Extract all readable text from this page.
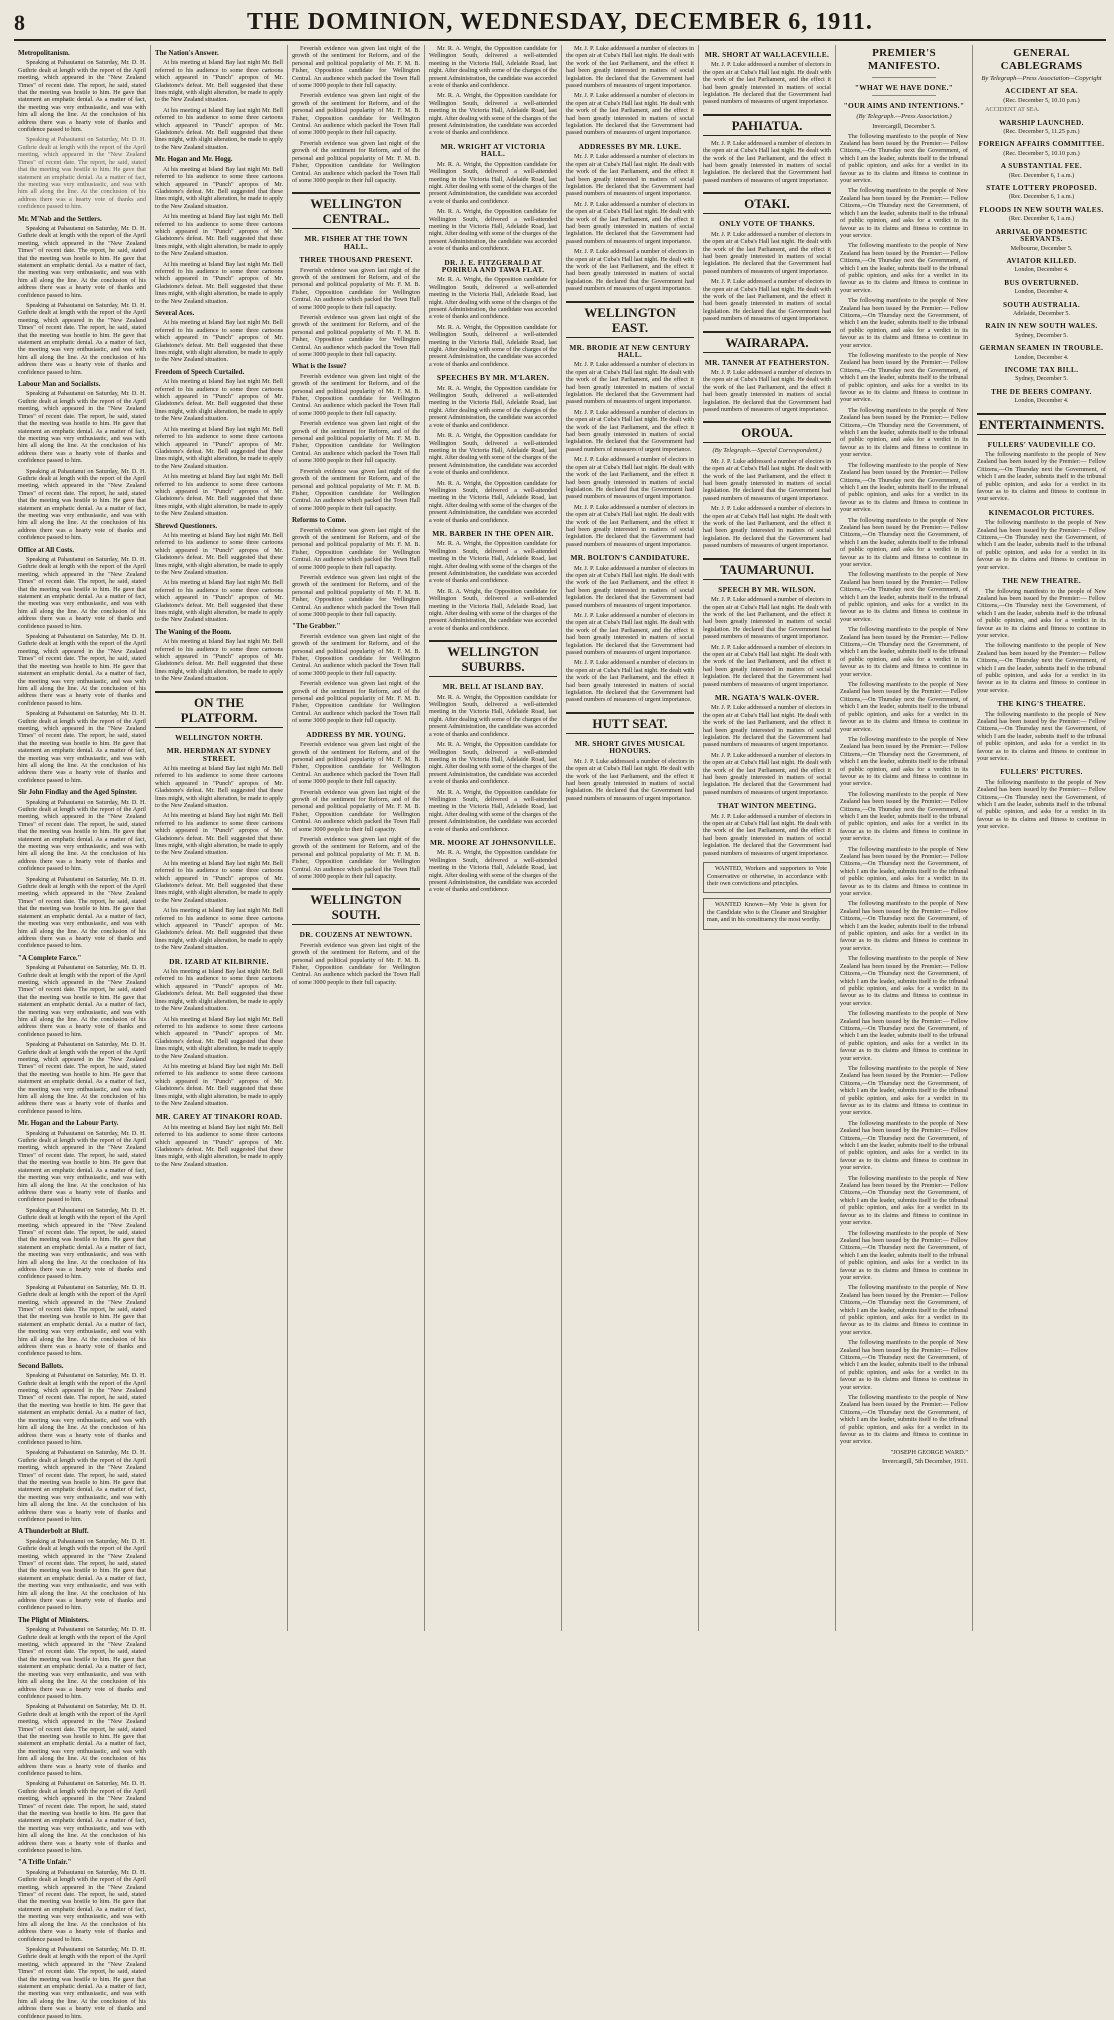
8	THE DOMINION, WEDNESDAY, DECEMBER 6, 1911.
Metropolitanism.

Speaking at Pahautanui on Saturday, Mr. D. H. Guthrie dealt at length with the report of the April meeting, which appeared in the "New Zealand Times" of recent date. The report, he said, stated that the meeting was hostile to him. He gave that statement an emphatic denial. As a matter of fact, the meeting was very enthusiastic, and was with him all along the line. At the conclusion of his address there was a hearty vote of thanks and confidence passed to him.

Speaking at Pahautanui on Saturday, Mr. D. H. Guthrie dealt at length with the report of the April meeting, which appeared in the "New Zealand Times" of recent date. The report, he said, stated that the meeting was hostile to him. He gave that statement an emphatic denial. As a matter of fact, the meeting was very enthusiastic, and was with him all along the line. At the conclusion of his address there was a hearty vote of thanks and confidence passed to him.

Mr. M'Nab and the Settlers.

Speaking at Pahautanui on Saturday, Mr. D. H. Guthrie dealt at length with the report of the April meeting, which appeared in the "New Zealand Times" of recent date. The report, he said, stated that the meeting was hostile to him. He gave that statement an emphatic denial. As a matter of fact, the meeting was very enthusiastic, and was with him all along the line. At the conclusion of his address there was a hearty vote of thanks and confidence passed to him.

Speaking at Pahautanui on Saturday, Mr. D. H. Guthrie dealt at length with the report of the April meeting, which appeared in the "New Zealand Times" of recent date. The report, he said, stated that the meeting was hostile to him. He gave that statement an emphatic denial. As a matter of fact, the meeting was very enthusiastic, and was with him all along the line. At the conclusion of his address there was a hearty vote of thanks and confidence passed to him.

Labour Man and Socialists.

Speaking at Pahautanui on Saturday, Mr. D. H. Guthrie dealt at length with the report of the April meeting, which appeared in the "New Zealand Times" of recent date. The report, he said, stated that the meeting was hostile to him. He gave that statement an emphatic denial. As a matter of fact, the meeting was very enthusiastic, and was with him all along the line. At the conclusion of his address there was a hearty vote of thanks and confidence passed to him.

Speaking at Pahautanui on Saturday, Mr. D. H. Guthrie dealt at length with the report of the April meeting, which appeared in the "New Zealand Times" of recent date. The report, he said, stated that the meeting was hostile to him. He gave that statement an emphatic denial. As a matter of fact, the meeting was very enthusiastic, and was with him all along the line. At the conclusion of his address there was a hearty vote of thanks and confidence passed to him.

Office at All Costs.

Speaking at Pahautanui on Saturday, Mr. D. H. Guthrie dealt at length with the report of the April meeting, which appeared in the "New Zealand Times" of recent date. The report, he said, stated that the meeting was hostile to him. He gave that statement an emphatic denial. As a matter of fact, the meeting was very enthusiastic, and was with him all along the line. At the conclusion of his address there was a hearty vote of thanks and confidence passed to him.

Speaking at Pahautanui on Saturday, Mr. D. H. Guthrie dealt at length with the report of the April meeting, which appeared in the "New Zealand Times" of recent date. The report, he said, stated that the meeting was hostile to him. He gave that statement an emphatic denial. As a matter of fact, the meeting was very enthusiastic, and was with him all along the line. At the conclusion of his address there was a hearty vote of thanks and confidence passed to him.

Speaking at Pahautanui on Saturday, Mr. D. H. Guthrie dealt at length with the report of the April meeting, which appeared in the "New Zealand Times" of recent date. The report, he said, stated that the meeting was hostile to him. He gave that statement an emphatic denial. As a matter of fact, the meeting was very enthusiastic, and was with him all along the line. At the conclusion of his address there was a hearty vote of thanks and confidence passed to him.

Sir John Findlay and the Aged Spinster.

Speaking at Pahautanui on Saturday, Mr. D. H. Guthrie dealt at length with the report of the April meeting, which appeared in the "New Zealand Times" of recent date. The report, he said, stated that the meeting was hostile to him. He gave that statement an emphatic denial. As a matter of fact, the meeting was very enthusiastic, and was with him all along the line. At the conclusion of his address there was a hearty vote of thanks and confidence passed to him.

Speaking at Pahautanui on Saturday, Mr. D. H. Guthrie dealt at length with the report of the April meeting, which appeared in the "New Zealand Times" of recent date. The report, he said, stated that the meeting was hostile to him. He gave that statement an emphatic denial. As a matter of fact, the meeting was very enthusiastic, and was with him all along the line. At the conclusion of his address there was a hearty vote of thanks and confidence passed to him.

"A Complete Farce."

Speaking at Pahautanui on Saturday, Mr. D. H. Guthrie dealt at length with the report of the April meeting, which appeared in the "New Zealand Times" of recent date. The report, he said, stated that the meeting was hostile to him. He gave that statement an emphatic denial. As a matter of fact, the meeting was very enthusiastic, and was with him all along the line. At the conclusion of his address there was a hearty vote of thanks and confidence passed to him.

Speaking at Pahautanui on Saturday, Mr. D. H. Guthrie dealt at length with the report of the April meeting, which appeared in the "New Zealand Times" of recent date. The report, he said, stated that the meeting was hostile to him. He gave that statement an emphatic denial. As a matter of fact, the meeting was very enthusiastic, and was with him all along the line. At the conclusion of his address there was a hearty vote of thanks and confidence passed to him.

Mr. Hogan and the Labour Party.

Speaking at Pahautanui on Saturday, Mr. D. H. Guthrie dealt at length with the report of the April meeting, which appeared in the "New Zealand Times" of recent date. The report, he said, stated that the meeting was hostile to him. He gave that statement an emphatic denial. As a matter of fact, the meeting was very enthusiastic, and was with him all along the line. At the conclusion of his address there was a hearty vote of thanks and confidence passed to him.

Speaking at Pahautanui on Saturday, Mr. D. H. Guthrie dealt at length with the report of the April meeting, which appeared in the "New Zealand Times" of recent date. The report, he said, stated that the meeting was hostile to him. He gave that statement an emphatic denial. As a matter of fact, the meeting was very enthusiastic, and was with him all along the line. At the conclusion of his address there was a hearty vote of thanks and confidence passed to him.

Speaking at Pahautanui on Saturday, Mr. D. H. Guthrie dealt at length with the report of the April meeting, which appeared in the "New Zealand Times" of recent date. The report, he said, stated that the meeting was hostile to him. He gave that statement an emphatic denial. As a matter of fact, the meeting was very enthusiastic, and was with him all along the line. At the conclusion of his address there was a hearty vote of thanks and confidence passed to him.

Second Ballots.

Speaking at Pahautanui on Saturday, Mr. D. H. Guthrie dealt at length with the report of the April meeting, which appeared in the "New Zealand Times" of recent date. The report, he said, stated that the meeting was hostile to him. He gave that statement an emphatic denial. As a matter of fact, the meeting was very enthusiastic, and was with him all along the line. At the conclusion of his address there was a hearty vote of thanks and confidence passed to him.

Speaking at Pahautanui on Saturday, Mr. D. H. Guthrie dealt at length with the report of the April meeting, which appeared in the "New Zealand Times" of recent date. The report, he said, stated that the meeting was hostile to him. He gave that statement an emphatic denial. As a matter of fact, the meeting was very enthusiastic, and was with him all along the line. At the conclusion of his address there was a hearty vote of thanks and confidence passed to him.

A Thunderbolt at Bluff.

Speaking at Pahautanui on Saturday, Mr. D. H. Guthrie dealt at length with the report of the April meeting, which appeared in the "New Zealand Times" of recent date. The report, he said, stated that the meeting was hostile to him. He gave that statement an emphatic denial. As a matter of fact, the meeting was very enthusiastic, and was with him all along the line. At the conclusion of his address there was a hearty vote of thanks and confidence passed to him.

The Plight of Ministers.

Speaking at Pahautanui on Saturday, Mr. D. H. Guthrie dealt at length with the report of the April meeting, which appeared in the "New Zealand Times" of recent date. The report, he said, stated that the meeting was hostile to him. He gave that statement an emphatic denial. As a matter of fact, the meeting was very enthusiastic, and was with him all along the line. At the conclusion of his address there was a hearty vote of thanks and confidence passed to him.

Speaking at Pahautanui on Saturday, Mr. D. H. Guthrie dealt at length with the report of the April meeting, which appeared in the "New Zealand Times" of recent date. The report, he said, stated that the meeting was hostile to him. He gave that statement an emphatic denial. As a matter of fact, the meeting was very enthusiastic, and was with him all along the line. At the conclusion of his address there was a hearty vote of thanks and confidence passed to him.

Speaking at Pahautanui on Saturday, Mr. D. H. Guthrie dealt at length with the report of the April meeting, which appeared in the "New Zealand Times" of recent date. The report, he said, stated that the meeting was hostile to him. He gave that statement an emphatic denial. As a matter of fact, the meeting was very enthusiastic, and was with him all along the line. At the conclusion of his address there was a hearty vote of thanks and confidence passed to him.

"A Trifle Unfair."

Speaking at Pahautanui on Saturday, Mr. D. H. Guthrie dealt at length with the report of the April meeting, which appeared in the "New Zealand Times" of recent date. The report, he said, stated that the meeting was hostile to him. He gave that statement an emphatic denial. As a matter of fact, the meeting was very enthusiastic, and was with him all along the line. At the conclusion of his address there was a hearty vote of thanks and confidence passed to him.

Speaking at Pahautanui on Saturday, Mr. D. H. Guthrie dealt at length with the report of the April meeting, which appeared in the "New Zealand Times" of recent date. The report, he said, stated that the meeting was hostile to him. He gave that statement an emphatic denial. As a matter of fact, the meeting was very enthusiastic, and was with him all along the line. At the conclusion of his address there was a hearty vote of thanks and confidence passed to him.

The Nation's Answer.

At his meeting at Island Bay last night Mr. Bell referred to his audience to some three cartoons which appeared in "Punch" apropos of Mr. Gladstone's defeat. Mr. Bell suggested that these lines might, with slight alteration, be made to apply to the New Zealand situation.

At his meeting at Island Bay last night Mr. Bell referred to his audience to some three cartoons which appeared in "Punch" apropos of Mr. Gladstone's defeat. Mr. Bell suggested that these lines might, with slight alteration, be made to apply to the New Zealand situation.

Mr. Hogan and Mr. Hogg.

At his meeting at Island Bay last night Mr. Bell referred to his audience to some three cartoons which appeared in "Punch" apropos of Mr. Gladstone's defeat. Mr. Bell suggested that these lines might, with slight alteration, be made to apply to the New Zealand situation.

At his meeting at Island Bay last night Mr. Bell referred to his audience to some three cartoons which appeared in "Punch" apropos of Mr. Gladstone's defeat. Mr. Bell suggested that these lines might, with slight alteration, be made to apply to the New Zealand situation.

At his meeting at Island Bay last night Mr. Bell referred to his audience to some three cartoons which appeared in "Punch" apropos of Mr. Gladstone's defeat. Mr. Bell suggested that these lines might, with slight alteration, be made to apply to the New Zealand situation.

Several Aces.

At his meeting at Island Bay last night Mr. Bell referred to his audience to some three cartoons which appeared in "Punch" apropos of Mr. Gladstone's defeat. Mr. Bell suggested that these lines might, with slight alteration, be made to apply to the New Zealand situation.

Freedom of Speech Curtailed.

At his meeting at Island Bay last night Mr. Bell referred to his audience to some three cartoons which appeared in "Punch" apropos of Mr. Gladstone's defeat. Mr. Bell suggested that these lines might, with slight alteration, be made to apply to the New Zealand situation.

At his meeting at Island Bay last night Mr. Bell referred to his audience to some three cartoons which appeared in "Punch" apropos of Mr. Gladstone's defeat. Mr. Bell suggested that these lines might, with slight alteration, be made to apply to the New Zealand situation.

At his meeting at Island Bay last night Mr. Bell referred to his audience to some three cartoons which appeared in "Punch" apropos of Mr. Gladstone's defeat. Mr. Bell suggested that these lines might, with slight alteration, be made to apply to the New Zealand situation.

Shrewd Questioners.

At his meeting at Island Bay last night Mr. Bell referred to his audience to some three cartoons which appeared in "Punch" apropos of Mr. Gladstone's defeat. Mr. Bell suggested that these lines might, with slight alteration, be made to apply to the New Zealand situation.

At his meeting at Island Bay last night Mr. Bell referred to his audience to some three cartoons which appeared in "Punch" apropos of Mr. Gladstone's defeat. Mr. Bell suggested that these lines might, with slight alteration, be made to apply to the New Zealand situation.

The Waning of the Boom.

At his meeting at Island Bay last night Mr. Bell referred to his audience to some three cartoons which appeared in "Punch" apropos of Mr. Gladstone's defeat. Mr. Bell suggested that these lines might, with slight alteration, be made to apply to the New Zealand situation.

ON THE PLATFORM.
WELLINGTON NORTH.
MR. HERDMAN AT SYDNEY STREET.

At his meeting at Island Bay last night Mr. Bell referred to his audience to some three cartoons which appeared in "Punch" apropos of Mr. Gladstone's defeat. Mr. Bell suggested that these lines might, with slight alteration, be made to apply to the New Zealand situation.

At his meeting at Island Bay last night Mr. Bell referred to his audience to some three cartoons which appeared in "Punch" apropos of Mr. Gladstone's defeat. Mr. Bell suggested that these lines might, with slight alteration, be made to apply to the New Zealand situation.

At his meeting at Island Bay last night Mr. Bell referred to his audience to some three cartoons which appeared in "Punch" apropos of Mr. Gladstone's defeat. Mr. Bell suggested that these lines might, with slight alteration, be made to apply to the New Zealand situation.

At his meeting at Island Bay last night Mr. Bell referred to his audience to some three cartoons which appeared in "Punch" apropos of Mr. Gladstone's defeat. Mr. Bell suggested that these lines might, with slight alteration, be made to apply to the New Zealand situation.

DR. IZARD AT KILBIRNIE.

At his meeting at Island Bay last night Mr. Bell referred to his audience to some three cartoons which appeared in "Punch" apropos of Mr. Gladstone's defeat. Mr. Bell suggested that these lines might, with slight alteration, be made to apply to the New Zealand situation.

At his meeting at Island Bay last night Mr. Bell referred to his audience to some three cartoons which appeared in "Punch" apropos of Mr. Gladstone's defeat. Mr. Bell suggested that these lines might, with slight alteration, be made to apply to the New Zealand situation.

At his meeting at Island Bay last night Mr. Bell referred to his audience to some three cartoons which appeared in "Punch" apropos of Mr. Gladstone's defeat. Mr. Bell suggested that these lines might, with slight alteration, be made to apply to the New Zealand situation.

MR. CAREY AT TINAKORI ROAD.

At his meeting at Island Bay last night Mr. Bell referred to his audience to some three cartoons which appeared in "Punch" apropos of Mr. Gladstone's defeat. Mr. Bell suggested that these lines might, with slight alteration, be made to apply to the New Zealand situation.

Feverish evidence was given last night of the growth of the sentiment for Reform, and of the personal and political popularity of Mr. F. M. B. Fisher, Opposition candidate for Wellington Central. An audience which packed the Town Hall of some 3000 people to their full capacity.

Feverish evidence was given last night of the growth of the sentiment for Reform, and of the personal and political popularity of Mr. F. M. B. Fisher, Opposition candidate for Wellington Central. An audience which packed the Town Hall of some 3000 people to their full capacity.

Feverish evidence was given last night of the growth of the sentiment for Reform, and of the personal and political popularity of Mr. F. M. B. Fisher, Opposition candidate for Wellington Central. An audience which packed the Town Hall of some 3000 people to their full capacity.

WELLINGTON CENTRAL.
MR. FISHER AT THE TOWN HALL.
THREE THOUSAND PRESENT.

Feverish evidence was given last night of the growth of the sentiment for Reform, and of the personal and political popularity of Mr. F. M. B. Fisher, Opposition candidate for Wellington Central. An audience which packed the Town Hall of some 3000 people to their full capacity.

Feverish evidence was given last night of the growth of the sentiment for Reform, and of the personal and political popularity of Mr. F. M. B. Fisher, Opposition candidate for Wellington Central. An audience which packed the Town Hall of some 3000 people to their full capacity.

What is the Issue?

Feverish evidence was given last night of the growth of the sentiment for Reform, and of the personal and political popularity of Mr. F. M. B. Fisher, Opposition candidate for Wellington Central. An audience which packed the Town Hall of some 3000 people to their full capacity.

Feverish evidence was given last night of the growth of the sentiment for Reform, and of the personal and political popularity of Mr. F. M. B. Fisher, Opposition candidate for Wellington Central. An audience which packed the Town Hall of some 3000 people to their full capacity.

Feverish evidence was given last night of the growth of the sentiment for Reform, and of the personal and political popularity of Mr. F. M. B. Fisher, Opposition candidate for Wellington Central. An audience which packed the Town Hall of some 3000 people to their full capacity.

Reforms to Come.

Feverish evidence was given last night of the growth of the sentiment for Reform, and of the personal and political popularity of Mr. F. M. B. Fisher, Opposition candidate for Wellington Central. An audience which packed the Town Hall of some 3000 people to their full capacity.

Feverish evidence was given last night of the growth of the sentiment for Reform, and of the personal and political popularity of Mr. F. M. B. Fisher, Opposition candidate for Wellington Central. An audience which packed the Town Hall of some 3000 people to their full capacity.

"The Grabber."

Feverish evidence was given last night of the growth of the sentiment for Reform, and of the personal and political popularity of Mr. F. M. B. Fisher, Opposition candidate for Wellington Central. An audience which packed the Town Hall of some 3000 people to their full capacity.

Feverish evidence was given last night of the growth of the sentiment for Reform, and of the personal and political popularity of Mr. F. M. B. Fisher, Opposition candidate for Wellington Central. An audience which packed the Town Hall of some 3000 people to their full capacity.

ADDRESS BY MR. YOUNG.

Feverish evidence was given last night of the growth of the sentiment for Reform, and of the personal and political popularity of Mr. F. M. B. Fisher, Opposition candidate for Wellington Central. An audience which packed the Town Hall of some 3000 people to their full capacity.

Feverish evidence was given last night of the growth of the sentiment for Reform, and of the personal and political popularity of Mr. F. M. B. Fisher, Opposition candidate for Wellington Central. An audience which packed the Town Hall of some 3000 people to their full capacity.

Feverish evidence was given last night of the growth of the sentiment for Reform, and of the personal and political popularity of Mr. F. M. B. Fisher, Opposition candidate for Wellington Central. An audience which packed the Town Hall of some 3000 people to their full capacity.

WELLINGTON SOUTH.
DR. COUZENS AT NEWTOWN.

Feverish evidence was given last night of the growth of the sentiment for Reform, and of the personal and political popularity of Mr. F. M. B. Fisher, Opposition candidate for Wellington Central. An audience which packed the Town Hall of some 3000 people to their full capacity.

Mr. R. A. Wright, the Opposition candidate for Wellington South, delivered a well-attended meeting in the Victoria Hall, Adelaide Road, last night. After dealing with some of the charges of the present Administration, the candidate was accorded a vote of thanks and confidence.

Mr. R. A. Wright, the Opposition candidate for Wellington South, delivered a well-attended meeting in the Victoria Hall, Adelaide Road, last night. After dealing with some of the charges of the present Administration, the candidate was accorded a vote of thanks and confidence.

MR. WRIGHT AT VICTORIA HALL.

Mr. R. A. Wright, the Opposition candidate for Wellington South, delivered a well-attended meeting in the Victoria Hall, Adelaide Road, last night. After dealing with some of the charges of the present Administration, the candidate was accorded a vote of thanks and confidence.

Mr. R. A. Wright, the Opposition candidate for Wellington South, delivered a well-attended meeting in the Victoria Hall, Adelaide Road, last night. After dealing with some of the charges of the present Administration, the candidate was accorded a vote of thanks and confidence.

DR. J. E. FITZGERALD AT PORIRUA AND TAWA FLAT.

Mr. R. A. Wright, the Opposition candidate for Wellington South, delivered a well-attended meeting in the Victoria Hall, Adelaide Road, last night. After dealing with some of the charges of the present Administration, the candidate was accorded a vote of thanks and confidence.

Mr. R. A. Wright, the Opposition candidate for Wellington South, delivered a well-attended meeting in the Victoria Hall, Adelaide Road, last night. After dealing with some of the charges of the present Administration, the candidate was accorded a vote of thanks and confidence.

SPEECHES BY MR. M'LAREN.

Mr. R. A. Wright, the Opposition candidate for Wellington South, delivered a well-attended meeting in the Victoria Hall, Adelaide Road, last night. After dealing with some of the charges of the present Administration, the candidate was accorded a vote of thanks and confidence.

Mr. R. A. Wright, the Opposition candidate for Wellington South, delivered a well-attended meeting in the Victoria Hall, Adelaide Road, last night. After dealing with some of the charges of the present Administration, the candidate was accorded a vote of thanks and confidence.

Mr. R. A. Wright, the Opposition candidate for Wellington South, delivered a well-attended meeting in the Victoria Hall, Adelaide Road, last night. After dealing with some of the charges of the present Administration, the candidate was accorded a vote of thanks and confidence.

MR. BARBER IN THE OPEN AIR.

Mr. R. A. Wright, the Opposition candidate for Wellington South, delivered a well-attended meeting in the Victoria Hall, Adelaide Road, last night. After dealing with some of the charges of the present Administration, the candidate was accorded a vote of thanks and confidence.

Mr. R. A. Wright, the Opposition candidate for Wellington South, delivered a well-attended meeting in the Victoria Hall, Adelaide Road, last night. After dealing with some of the charges of the present Administration, the candidate was accorded a vote of thanks and confidence.

WELLINGTON SUBURBS.
MR. BELL AT ISLAND BAY.

Mr. R. A. Wright, the Opposition candidate for Wellington South, delivered a well-attended meeting in the Victoria Hall, Adelaide Road, last night. After dealing with some of the charges of the present Administration, the candidate was accorded a vote of thanks and confidence.

Mr. R. A. Wright, the Opposition candidate for Wellington South, delivered a well-attended meeting in the Victoria Hall, Adelaide Road, last night. After dealing with some of the charges of the present Administration, the candidate was accorded a vote of thanks and confidence.

Mr. R. A. Wright, the Opposition candidate for Wellington South, delivered a well-attended meeting in the Victoria Hall, Adelaide Road, last night. After dealing with some of the charges of the present Administration, the candidate was accorded a vote of thanks and confidence.

MR. MOORE AT JOHNSONVILLE.

Mr. R. A. Wright, the Opposition candidate for Wellington South, delivered a well-attended meeting in the Victoria Hall, Adelaide Road, last night. After dealing with some of the charges of the present Administration, the candidate was accorded a vote of thanks and confidence.

Mr. J. P. Luke addressed a number of electors in the open air at Cuba's Hall last night. He dealt with the work of the last Parliament, and the effect it had been greatly interested in matters of social legislation. He declared that the Government had passed numbers of measures of urgent importance.

Mr. J. P. Luke addressed a number of electors in the open air at Cuba's Hall last night. He dealt with the work of the last Parliament, and the effect it had been greatly interested in matters of social legislation. He declared that the Government had passed numbers of measures of urgent importance.

ADDRESSES BY MR. LUKE.

Mr. J. P. Luke addressed a number of electors in the open air at Cuba's Hall last night. He dealt with the work of the last Parliament, and the effect it had been greatly interested in matters of social legislation. He declared that the Government had passed numbers of measures of urgent importance.

Mr. J. P. Luke addressed a number of electors in the open air at Cuba's Hall last night. He dealt with the work of the last Parliament, and the effect it had been greatly interested in matters of social legislation. He declared that the Government had passed numbers of measures of urgent importance.

Mr. J. P. Luke addressed a number of electors in the open air at Cuba's Hall last night. He dealt with the work of the last Parliament, and the effect it had been greatly interested in matters of social legislation. He declared that the Government had passed numbers of measures of urgent importance.

WELLINGTON EAST.
MR. BRODIE AT NEW CENTURY HALL.

Mr. J. P. Luke addressed a number of electors in the open air at Cuba's Hall last night. He dealt with the work of the last Parliament, and the effect it had been greatly interested in matters of social legislation. He declared that the Government had passed numbers of measures of urgent importance.

Mr. J. P. Luke addressed a number of electors in the open air at Cuba's Hall last night. He dealt with the work of the last Parliament, and the effect it had been greatly interested in matters of social legislation. He declared that the Government had passed numbers of measures of urgent importance.

Mr. J. P. Luke addressed a number of electors in the open air at Cuba's Hall last night. He dealt with the work of the last Parliament, and the effect it had been greatly interested in matters of social legislation. He declared that the Government had passed numbers of measures of urgent importance.

Mr. J. P. Luke addressed a number of electors in the open air at Cuba's Hall last night. He dealt with the work of the last Parliament, and the effect it had been greatly interested in matters of social legislation. He declared that the Government had passed numbers of measures of urgent importance.

MR. BOLTON'S CANDIDATURE.

Mr. J. P. Luke addressed a number of electors in the open air at Cuba's Hall last night. He dealt with the work of the last Parliament, and the effect it had been greatly interested in matters of social legislation. He declared that the Government had passed numbers of measures of urgent importance.

Mr. J. P. Luke addressed a number of electors in the open air at Cuba's Hall last night. He dealt with the work of the last Parliament, and the effect it had been greatly interested in matters of social legislation. He declared that the Government had passed numbers of measures of urgent importance.

Mr. J. P. Luke addressed a number of electors in the open air at Cuba's Hall last night. He dealt with the work of the last Parliament, and the effect it had been greatly interested in matters of social legislation. He declared that the Government had passed numbers of measures of urgent importance.

HUTT SEAT.
MR. SHORT GIVES MUSICAL HONOURS.

Mr. J. P. Luke addressed a number of electors in the open air at Cuba's Hall last night. He dealt with the work of the last Parliament, and the effect it had been greatly interested in matters of social legislation. He declared that the Government had passed numbers of measures of urgent importance.

MR. SHORT AT WALLACEVILLE.

Mr. J. P. Luke addressed a number of electors in the open air at Cuba's Hall last night. He dealt with the work of the last Parliament, and the effect it had been greatly interested in matters of social legislation. He declared that the Government had passed numbers of measures of urgent importance.

PAHIATUA.

Mr. J. P. Luke addressed a number of electors in the open air at Cuba's Hall last night. He dealt with the work of the last Parliament, and the effect it had been greatly interested in matters of social legislation. He declared that the Government had passed numbers of measures of urgent importance.

OTAKI.
ONLY VOTE OF THANKS.

Mr. J. P. Luke addressed a number of electors in the open air at Cuba's Hall last night. He dealt with the work of the last Parliament, and the effect it had been greatly interested in matters of social legislation. He declared that the Government had passed numbers of measures of urgent importance.

Mr. J. P. Luke addressed a number of electors in the open air at Cuba's Hall last night. He dealt with the work of the last Parliament, and the effect it had been greatly interested in matters of social legislation. He declared that the Government had passed numbers of measures of urgent importance.

WAIRARAPA.
MR. TANNER AT FEATHERSTON.

Mr. J. P. Luke addressed a number of electors in the open air at Cuba's Hall last night. He dealt with the work of the last Parliament, and the effect it had been greatly interested in matters of social legislation. He declared that the Government had passed numbers of measures of urgent importance.

OROUA.
(By Telegraph.—Special Correspondent.)

Mr. J. P. Luke addressed a number of electors in the open air at Cuba's Hall last night. He dealt with the work of the last Parliament, and the effect it had been greatly interested in matters of social legislation. He declared that the Government had passed numbers of measures of urgent importance.

Mr. J. P. Luke addressed a number of electors in the open air at Cuba's Hall last night. He dealt with the work of the last Parliament, and the effect it had been greatly interested in matters of social legislation. He declared that the Government had passed numbers of measures of urgent importance.

TAUMARUNUI.
SPEECH BY MR. WILSON.

Mr. J. P. Luke addressed a number of electors in the open air at Cuba's Hall last night. He dealt with the work of the last Parliament, and the effect it had been greatly interested in matters of social legislation. He declared that the Government had passed numbers of measures of urgent importance.

Mr. J. P. Luke addressed a number of electors in the open air at Cuba's Hall last night. He dealt with the work of the last Parliament, and the effect it had been greatly interested in matters of social legislation. He declared that the Government had passed numbers of measures of urgent importance.

MR. NGATA'S WALK-OVER.

Mr. J. P. Luke addressed a number of electors in the open air at Cuba's Hall last night. He dealt with the work of the last Parliament, and the effect it had been greatly interested in matters of social legislation. He declared that the Government had passed numbers of measures of urgent importance.

Mr. J. P. Luke addressed a number of electors in the open air at Cuba's Hall last night. He dealt with the work of the last Parliament, and the effect it had been greatly interested in matters of social legislation. He declared that the Government had passed numbers of measures of urgent importance.

THAT WINTON MEETING.

Mr. J. P. Luke addressed a number of electors in the open air at Cuba's Hall last night. He dealt with the work of the last Parliament, and the effect it had been greatly interested in matters of social legislation. He declared that the Government had passed numbers of measures of urgent importance.

WANTED, Workers and supporters to Vote Conservative or otherwise, in accordance with their own convictions and principles.

WANTED Known—My Vote is given for the Candidate who is the Cleaner and Straighter man, and in his constituency the most worthy.

PREMIER'S MANIFESTO.
"WHAT WE HAVE DONE."
"OUR AIMS AND INTENTIONS."
(By Telegraph.—Press Association.)
Invercargill, December 5.

The following manifesto to the people of New Zealand has been issued by the Premier:— Fellow Citizens,—On Thursday next the Government, of which I am the leader, submits itself to the tribunal of public opinion, and asks for a verdict in its favour as to its claims and fitness to continue in your service.

The following manifesto to the people of New Zealand has been issued by the Premier:— Fellow Citizens,—On Thursday next the Government, of which I am the leader, submits itself to the tribunal of public opinion, and asks for a verdict in its favour as to its claims and fitness to continue in your service.

The following manifesto to the people of New Zealand has been issued by the Premier:— Fellow Citizens,—On Thursday next the Government, of which I am the leader, submits itself to the tribunal of public opinion, and asks for a verdict in its favour as to its claims and fitness to continue in your service.

The following manifesto to the people of New Zealand has been issued by the Premier:— Fellow Citizens,—On Thursday next the Government, of which I am the leader, submits itself to the tribunal of public opinion, and asks for a verdict in its favour as to its claims and fitness to continue in your service.

The following manifesto to the people of New Zealand has been issued by the Premier:— Fellow Citizens,—On Thursday next the Government, of which I am the leader, submits itself to the tribunal of public opinion, and asks for a verdict in its favour as to its claims and fitness to continue in your service.

The following manifesto to the people of New Zealand has been issued by the Premier:— Fellow Citizens,—On Thursday next the Government, of which I am the leader, submits itself to the tribunal of public opinion, and asks for a verdict in its favour as to its claims and fitness to continue in your service.

The following manifesto to the people of New Zealand has been issued by the Premier:— Fellow Citizens,—On Thursday next the Government, of which I am the leader, submits itself to the tribunal of public opinion, and asks for a verdict in its favour as to its claims and fitness to continue in your service.

The following manifesto to the people of New Zealand has been issued by the Premier:— Fellow Citizens,—On Thursday next the Government, of which I am the leader, submits itself to the tribunal of public opinion, and asks for a verdict in its favour as to its claims and fitness to continue in your service.

The following manifesto to the people of New Zealand has been issued by the Premier:— Fellow Citizens,—On Thursday next the Government, of which I am the leader, submits itself to the tribunal of public opinion, and asks for a verdict in its favour as to its claims and fitness to continue in your service.

The following manifesto to the people of New Zealand has been issued by the Premier:— Fellow Citizens,—On Thursday next the Government, of which I am the leader, submits itself to the tribunal of public opinion, and asks for a verdict in its favour as to its claims and fitness to continue in your service.

The following manifesto to the people of New Zealand has been issued by the Premier:— Fellow Citizens,—On Thursday next the Government, of which I am the leader, submits itself to the tribunal of public opinion, and asks for a verdict in its favour as to its claims and fitness to continue in your service.

The following manifesto to the people of New Zealand has been issued by the Premier:— Fellow Citizens,—On Thursday next the Government, of which I am the leader, submits itself to the tribunal of public opinion, and asks for a verdict in its favour as to its claims and fitness to continue in your service.

The following manifesto to the people of New Zealand has been issued by the Premier:— Fellow Citizens,—On Thursday next the Government, of which I am the leader, submits itself to the tribunal of public opinion, and asks for a verdict in its favour as to its claims and fitness to continue in your service.

The following manifesto to the people of New Zealand has been issued by the Premier:— Fellow Citizens,—On Thursday next the Government, of which I am the leader, submits itself to the tribunal of public opinion, and asks for a verdict in its favour as to its claims and fitness to continue in your service.

The following manifesto to the people of New Zealand has been issued by the Premier:— Fellow Citizens,—On Thursday next the Government, of which I am the leader, submits itself to the tribunal of public opinion, and asks for a verdict in its favour as to its claims and fitness to continue in your service.

The following manifesto to the people of New Zealand has been issued by the Premier:— Fellow Citizens,—On Thursday next the Government, of which I am the leader, submits itself to the tribunal of public opinion, and asks for a verdict in its favour as to its claims and fitness to continue in your service.

The following manifesto to the people of New Zealand has been issued by the Premier:— Fellow Citizens,—On Thursday next the Government, of which I am the leader, submits itself to the tribunal of public opinion, and asks for a verdict in its favour as to its claims and fitness to continue in your service.

The following manifesto to the people of New Zealand has been issued by the Premier:— Fellow Citizens,—On Thursday next the Government, of which I am the leader, submits itself to the tribunal of public opinion, and asks for a verdict in its favour as to its claims and fitness to continue in your service.

The following manifesto to the people of New Zealand has been issued by the Premier:— Fellow Citizens,—On Thursday next the Government, of which I am the leader, submits itself to the tribunal of public opinion, and asks for a verdict in its favour as to its claims and fitness to continue in your service.

The following manifesto to the people of New Zealand has been issued by the Premier:— Fellow Citizens,—On Thursday next the Government, of which I am the leader, submits itself to the tribunal of public opinion, and asks for a verdict in its favour as to its claims and fitness to continue in your service.

The following manifesto to the people of New Zealand has been issued by the Premier:— Fellow Citizens,—On Thursday next the Government, of which I am the leader, submits itself to the tribunal of public opinion, and asks for a verdict in its favour as to its claims and fitness to continue in your service.

The following manifesto to the people of New Zealand has been issued by the Premier:— Fellow Citizens,—On Thursday next the Government, of which I am the leader, submits itself to the tribunal of public opinion, and asks for a verdict in its favour as to its claims and fitness to continue in your service.

The following manifesto to the people of New Zealand has been issued by the Premier:— Fellow Citizens,—On Thursday next the Government, of which I am the leader, submits itself to the tribunal of public opinion, and asks for a verdict in its favour as to its claims and fitness to continue in your service.

The following manifesto to the people of New Zealand has been issued by the Premier:— Fellow Citizens,—On Thursday next the Government, of which I am the leader, submits itself to the tribunal of public opinion, and asks for a verdict in its favour as to its claims and fitness to continue in your service.

"JOSEPH GEORGE WARD."
Invercargill, 5th December, 1911.
GENERAL CABLEGRAMS
By Telegraph—Press Association—Copyright
ACCIDENT AT SEA.
(Rec. December 5, 10.10 p.m.)

ACCIDENT AT SEA.

WARSHIP LAUNCHED.
(Rec. December 5, 11.25 p.m.)
FOREIGN AFFAIRS COMMITTEE.
(Rec. December 5, 10.10 p.m.)
A SUBSTANTIAL FEE.
(Rec. December 6, 1 a.m.)
STATE LOTTERY PROPOSED.
(Rec. December 6, 1 a.m.)
FLOODS IN NEW SOUTH WALES.
(Rec. December 6, 1 a.m.)
ARRIVAL OF DOMESTIC SERVANTS.
Melbourne, December 5.
AVIATOR KILLED.
London, December 4.
BUS OVERTURNED.
London, December 4.
SOUTH AUSTRALIA.
Adelaide, December 5.
RAIN IN NEW SOUTH WALES.
Sydney, December 5.
GERMAN SEAMEN IN TROUBLE.
London, December 4.
INCOME TAX BILL.
Sydney, December 5.
THE DE BEERS COMPANY.
London, December 4.
ENTERTAINMENTS.
FULLERS' VAUDEVILLE CO.

The following manifesto to the people of New Zealand has been issued by the Premier:— Fellow Citizens,—On Thursday next the Government, of which I am the leader, submits itself to the tribunal of public opinion, and asks for a verdict in its favour as to its claims and fitness to continue in your service.

KINEMACOLOR PICTURES.

The following manifesto to the people of New Zealand has been issued by the Premier:— Fellow Citizens,—On Thursday next the Government, of which I am the leader, submits itself to the tribunal of public opinion, and asks for a verdict in its favour as to its claims and fitness to continue in your service.

THE NEW THEATRE.

The following manifesto to the people of New Zealand has been issued by the Premier:— Fellow Citizens,—On Thursday next the Government, of which I am the leader, submits itself to the tribunal of public opinion, and asks for a verdict in its favour as to its claims and fitness to continue in your service.

The following manifesto to the people of New Zealand has been issued by the Premier:— Fellow Citizens,—On Thursday next the Government, of which I am the leader, submits itself to the tribunal of public opinion, and asks for a verdict in its favour as to its claims and fitness to continue in your service.

THE KING'S THEATRE.

The following manifesto to the people of New Zealand has been issued by the Premier:— Fellow Citizens,—On Thursday next the Government, of which I am the leader, submits itself to the tribunal of public opinion, and asks for a verdict in its favour as to its claims and fitness to continue in your service.

FULLERS' PICTURES.

The following manifesto to the people of New Zealand has been issued by the Premier:— Fellow Citizens,—On Thursday next the Government, of which I am the leader, submits itself to the tribunal of public opinion, and asks for a verdict in its favour as to its claims and fitness to continue in your service.
